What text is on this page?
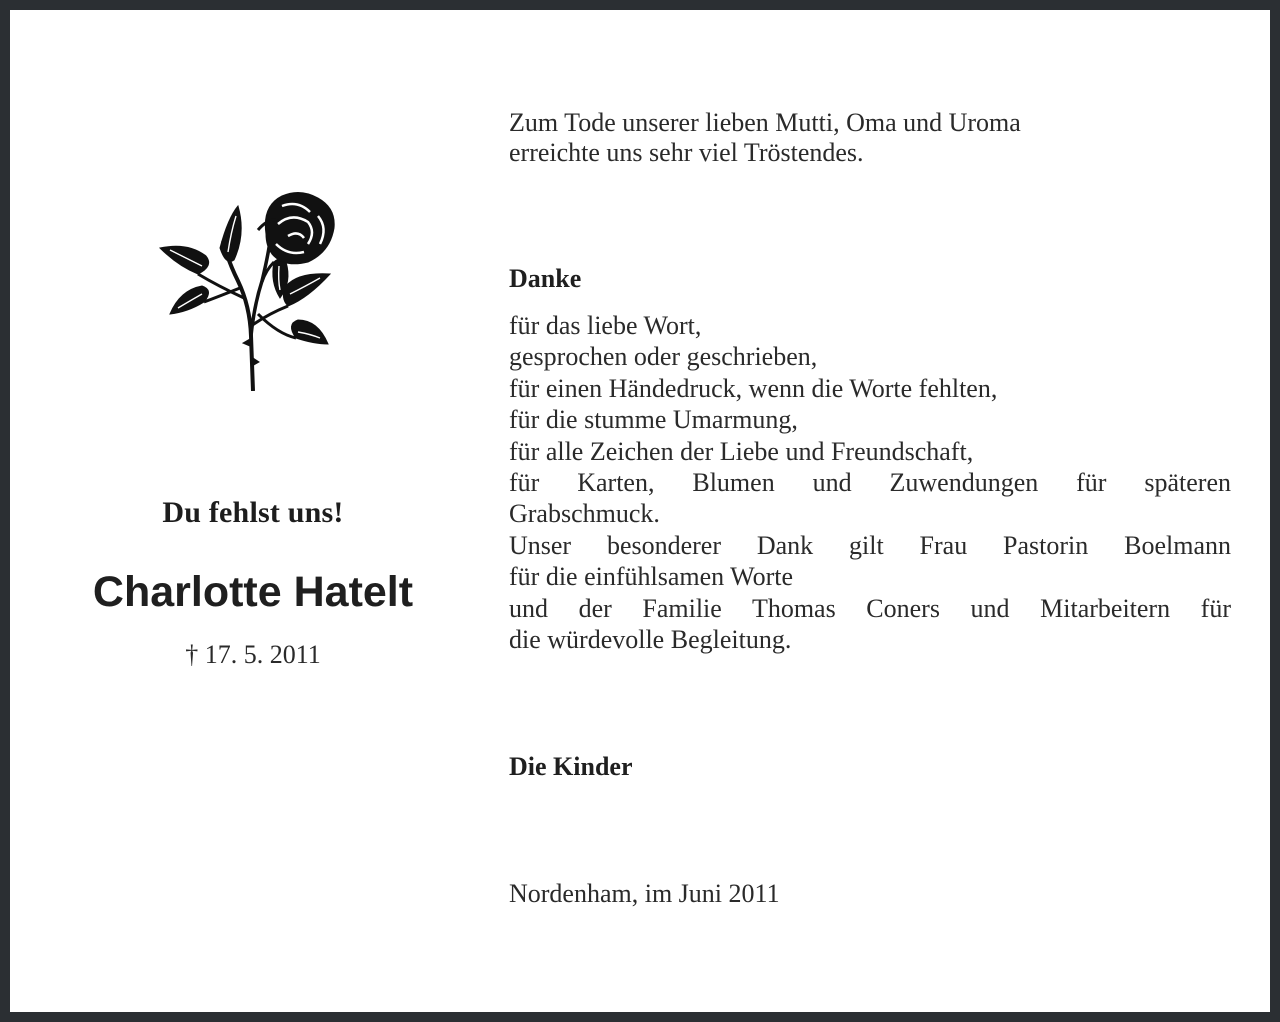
Du fehlst uns!
Charlotte Hatelt
† 17. 5. 2011
Zum Tode unserer lieben Mutti, Oma und Uroma
erreichte uns sehr viel Tröstendes.
Danke
für das liebe Wort,
gesprochen oder geschrieben,
für einen Händedruck, wenn die Worte fehlten,
für die stumme Umarmung,
für alle Zeichen der Liebe und Freundschaft,
für Karten, Blumen und Zuwendungen für späteren
Grabschmuck.
Unser besonderer Dank gilt Frau Pastorin Boelmann
für die einfühlsamen Worte
und der Familie Thomas Coners und Mitarbeitern für
die würdevolle Begleitung.
Die Kinder
Nordenham, im Juni 2011
